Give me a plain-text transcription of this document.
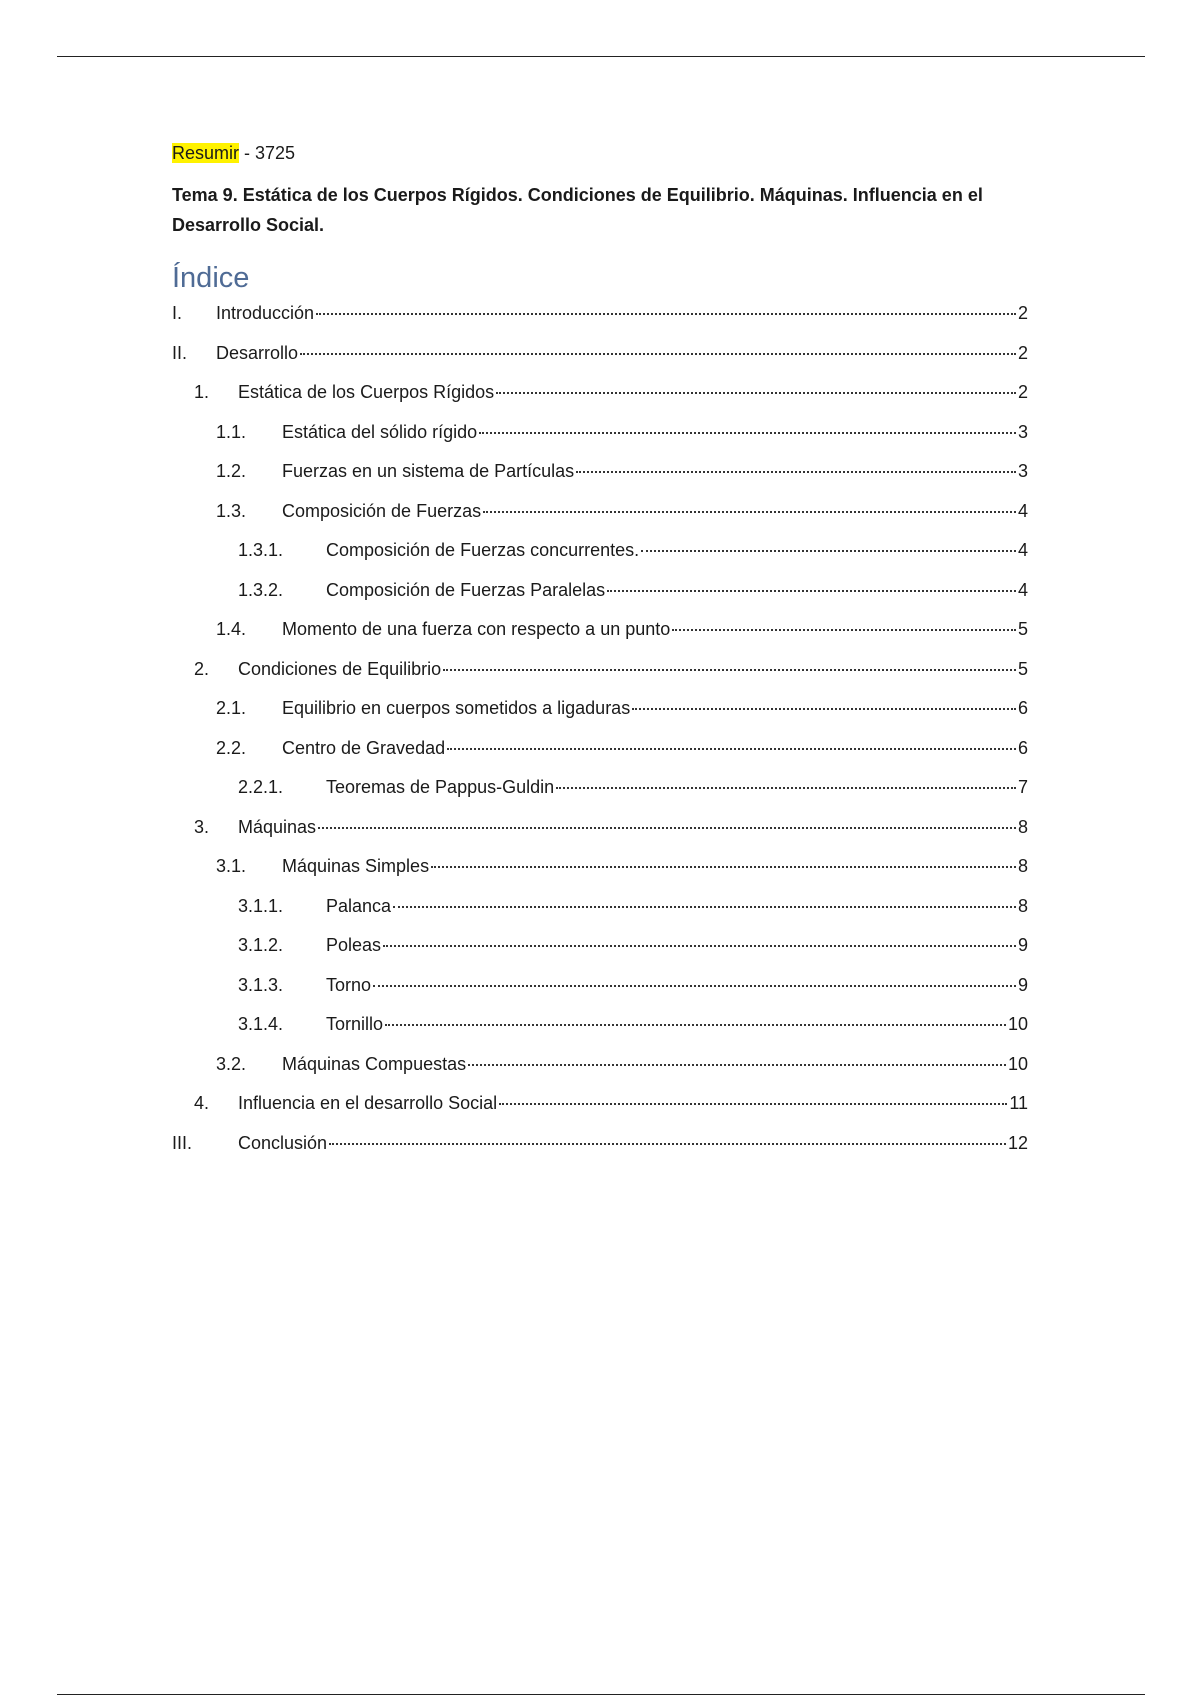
Resumir - 3725
Tema 9. Estática de los Cuerpos Rígidos. Condiciones de Equilibrio. Máquinas. Influencia en el Desarrollo Social.
Índice
I.	Introducción	2
II.	Desarrollo	2
1.	Estática de los Cuerpos Rígidos	2
1.1.	Estática del sólido rígido	3
1.2.	Fuerzas en un sistema de Partículas	3
1.3.	Composición de Fuerzas	4
1.3.1.	Composición de Fuerzas concurrentes.	4
1.3.2.	Composición de Fuerzas Paralelas	4
1.4.	Momento de una fuerza con respecto a un punto	5
2.	Condiciones de Equilibrio	5
2.1.	Equilibrio en cuerpos sometidos a ligaduras	6
2.2.	Centro de Gravedad	6
2.2.1.	Teoremas de Pappus-Guldin	7
3.	Máquinas	8
3.1.	Máquinas Simples	8
3.1.1.	Palanca	8
3.1.2.	Poleas	9
3.1.3.	Torno	9
3.1.4.	Tornillo	10
3.2.	Máquinas Compuestas	10
4.	Influencia en el desarrollo Social	11
III.	Conclusión	12
